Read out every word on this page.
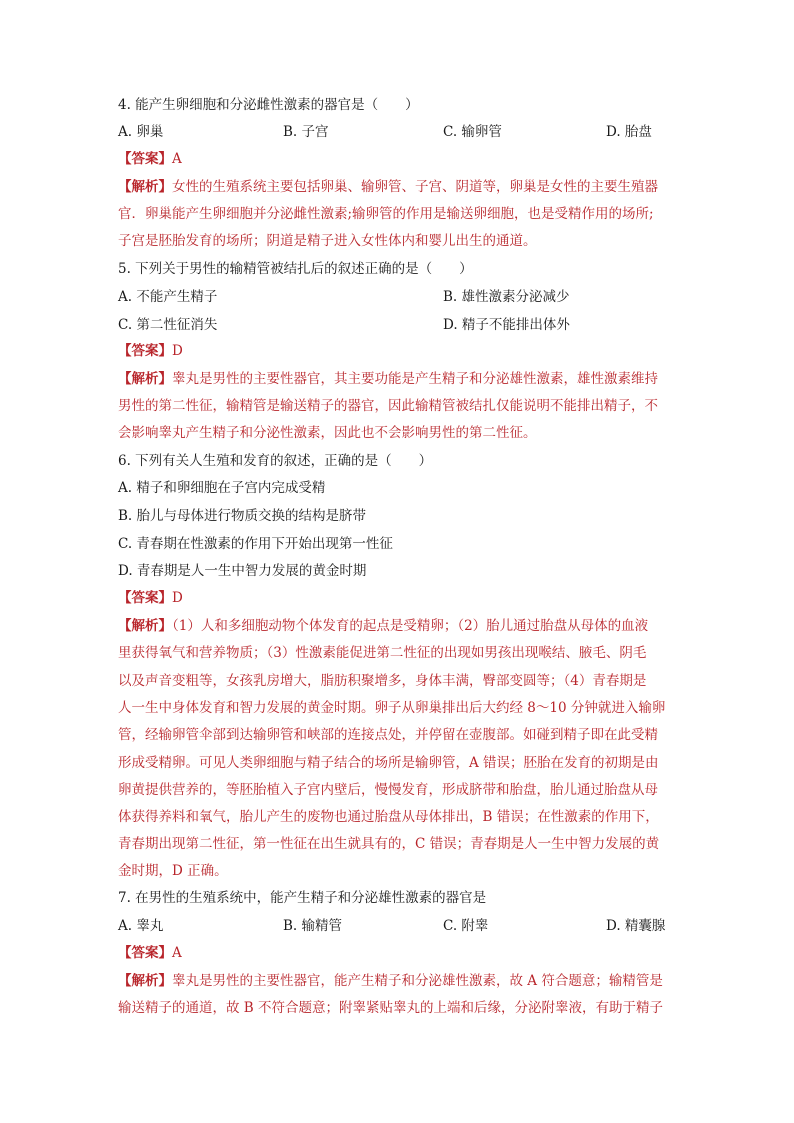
4. 能产生卵细胞和分泌雌性激素的器官是（　　）
A. 卵巢	B. 子宫	C. 输卵管	D. 胎盘
【答案】A
【解析】女性的生殖系统主要包括卵巢、输卵管、子宫、阴道等，卵巢是女性的主要生殖器
官．卵巢能产生卵细胞并分泌雌性激素;输卵管的作用是输送卵细胞，也是受精作用的场所;
子宫是胚胎发育的场所；阴道是精子进入女性体内和婴儿出生的通道。
5. 下列关于男性的输精管被结扎后的叙述正确的是（　　）
A. 不能产生精子	B. 雄性激素分泌减少
C. 第二性征消失	D. 精子不能排出体外
【答案】D
【解析】睾丸是男性的主要性器官，其主要功能是产生精子和分泌雄性激素，雄性激素维持
男性的第二性征，输精管是输送精子的器官，因此输精管被结扎仅能说明不能排出精子，不
会影响睾丸产生精子和分泌性激素，因此也不会影响男性的第二性征。
6. 下列有关人生殖和发育的叙述，正确的是（　　）
A. 精子和卵细胞在子宫内完成受精
B. 胎儿与母体进行物质交换的结构是脐带
C. 青春期在性激素的作用下开始出现第一性征
D. 青春期是人一生中智力发展的黄金时期
【答案】D
【解析】（1）人和多细胞动物个体发育的起点是受精卵；（2）胎儿通过胎盘从母体的血液
里获得氧气和营养物质；（3）性激素能促进第二性征的出现如男孩出现喉结、腋毛、阴毛
以及声音变粗等，女孩乳房增大，脂肪积聚增多，身体丰满，臀部变圆等；（4）青春期是
人一生中身体发育和智力发展的黄金时期。卵子从卵巢排出后大约经 8～10 分钟就进入输卵
管，经输卵管伞部到达输卵管和峡部的连接点处，并停留在壶腹部。如碰到精子即在此受精
形成受精卵。可见人类卵细胞与精子结合的场所是输卵管，A 错误；胚胎在发育的初期是由
卵黄提供营养的，等胚胎植入子宫内壁后，慢慢发育，形成脐带和胎盘，胎儿通过胎盘从母
体获得养料和氧气，胎儿产生的废物也通过胎盘从母体排出，B 错误；在性激素的作用下，
青春期出现第二性征，第一性征在出生就具有的，C 错误；青春期是人一生中智力发展的黄
金时期，D 正确。
7. 在男性的生殖系统中，能产生精子和分泌雄性激素的器官是
A. 睾丸	B. 输精管	C. 附睾	D. 精囊腺
【答案】A
【解析】睾丸是男性的主要性器官，能产生精子和分泌雄性激素，故 A 符合题意；输精管是
输送精子的通道，故 B 不符合题意；附睾紧贴睾丸的上端和后缘，分泌附睾液，有助于精子
